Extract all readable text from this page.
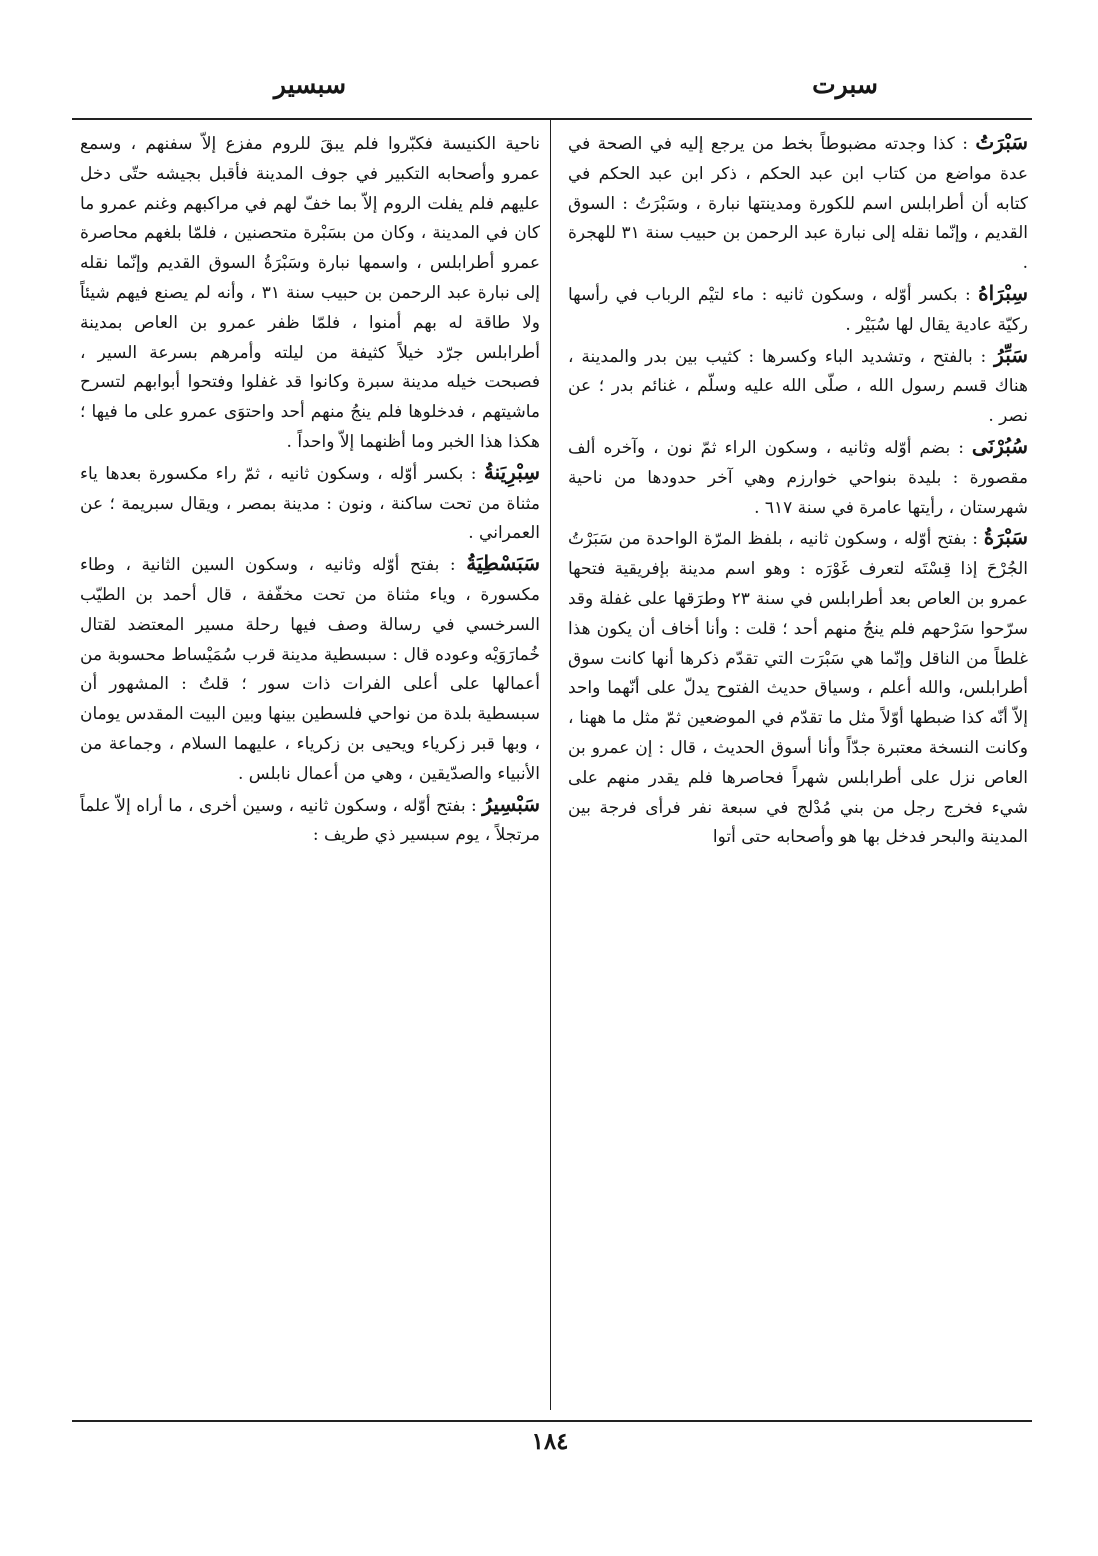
سبرت
سبسير

سَبْرَتُ : كذا وجدته مضبوطاً بخط من يرجع إليه في الصحة في عدة مواضع من كتاب ابن عبد الحكم ، ذكر ابن عبد الحكم في كتابه أن أطرابلس اسم للكورة ومدينتها نبارة ، وسَبْرَتُ : السوق القديم ، وإنّما نقله إلى نبارة عبد الرحمن بن حبيب سنة ٣١ للهجرة .

سِبْرَاهُ : بكسر أوّله ، وسكون ثانيه : ماء لتيْم الرباب في رأسها ركيّة عادية يقال لها سُبَيْر .

سَبِّرُ : بالفتح ، وتشديد الباء وكسرها : كثيب بين بدر والمدينة ، هناك قسم رسول الله ، صلّى الله عليه وسلّم ، غنائم بدر ؛ عن نصر .

سُبُرْنَى : بضم أوّله وثانيه ، وسكون الراء ثمّ نون ، وآخره ألف مقصورة : بليدة بنواحي خوارزم وهي آخر حدودها من ناحية شهرستان ، رأيتها عامرة في سنة ٦١٧ .

سَبْرَةُ : بفتح أوّله ، وسكون ثانيه ، بلفظ المرّة الواحدة من سَبَرْتُ الجُرْحَ إذا قِسْتَه لتعرف غَوْرَه : وهو اسم مدينة بإفريقية فتحها عمرو بن العاص بعد أطرابلس في سنة ٢٣ وطرَقها على غفلة وقد سرّحوا سَرْحهم فلم ينجُ منهم أحد ؛ قلت : وأنا أخاف أن يكون هذا غلطاً من الناقل وإنّما هي سَبْرَت التي تقدّم ذكرها أنها كانت سوق أطرابلس، والله أعلم ، وسياق حديث الفتوح يدلّ على أنّهما واحد إلاّ أنّه كذا ضبطها أوّلاً مثل ما تقدّم في الموضعين ثمّ مثل ما ههنا ، وكانت النسخة معتبرة جدّاً وأنا أسوق الحديث ، قال : إن عمرو بن العاص نزل على أطرابلس شهراً فحاصرها فلم يقدر منهم على شيء فخرج رجل من بني مُدْلج في سبعة نفر فرأى فرجة بين المدينة والبحر فدخل بها هو وأصحابه حتى أتوا

ناحية الكنيسة فكبّروا فلم يبقَ للروم مفزع إلاّ سفنهم ، وسمع عمرو وأصحابه التكبير في جوف المدينة فأقبل بجيشه حتّى دخل عليهم فلم يفلت الروم إلاّ بما خفّ لهم في مراكبهم وغنم عمرو ما كان في المدينة ، وكان من بسَبْرة متحصنين ، فلمّا بلغهم محاصرة عمرو أطرابلس ، واسمها نبارة وسَبْرَةُ السوق القديم وإنّما نقله إلى نبارة عبد الرحمن بن حبيب سنة ٣١ ، وأنه لم يصنع فيهم شيئاً ولا طاقة له بهم أمنوا ، فلمّا ظفر عمرو بن العاص بمدينة أطرابلس جرّد خيلاً كثيفة من ليلته وأمرهم بسرعة السير ، فصبحت خيله مدينة سبرة وكانوا قد غفلوا وفتحوا أبوابهم لتسرح ماشيتهم ، فدخلوها فلم ينجُ منهم أحد واحتوَى عمرو على ما فيها ؛ هكذا هذا الخبر وما أظنهما إلاّ واحداً .

سِبْرِيَنةُ : بكسر أوّله ، وسكون ثانيه ، ثمّ راء مكسورة بعدها ياء مثناة من تحت ساكنة ، ونون : مدينة بمصر ، ويقال سبريمة ؛ عن العمراني .

سَبَسْطِيَةُ : بفتح أوّله وثانيه ، وسكون السين الثانية ، وطاء مكسورة ، وياء مثناة من تحت مخفّفة ، قال أحمد بن الطيّب السرخسي في رسالة وصف فيها رحلة مسير المعتضد لقتال خُمارَوَيْه وعوده قال : سبسطية مدينة قرب سُمَيْساط محسوبة من أعمالها على أعلى الفرات ذات سور ؛ قلتُ : المشهور أن سبسطية بلدة من نواحي فلسطين بينها وبين البيت المقدس يومان ، وبها قبر زكرياء ويحيى بن زكرياء ، عليهما السلام ، وجماعة من الأنبياء والصدّيقين ، وهي من أعمال نابلس .

سَبْسِيرُ : بفتح أوّله ، وسكون ثانيه ، وسين أخرى ، ما أراه إلاّ علماً مرتجلاً ، يوم سبسير ذي طريف :

١٨٤
